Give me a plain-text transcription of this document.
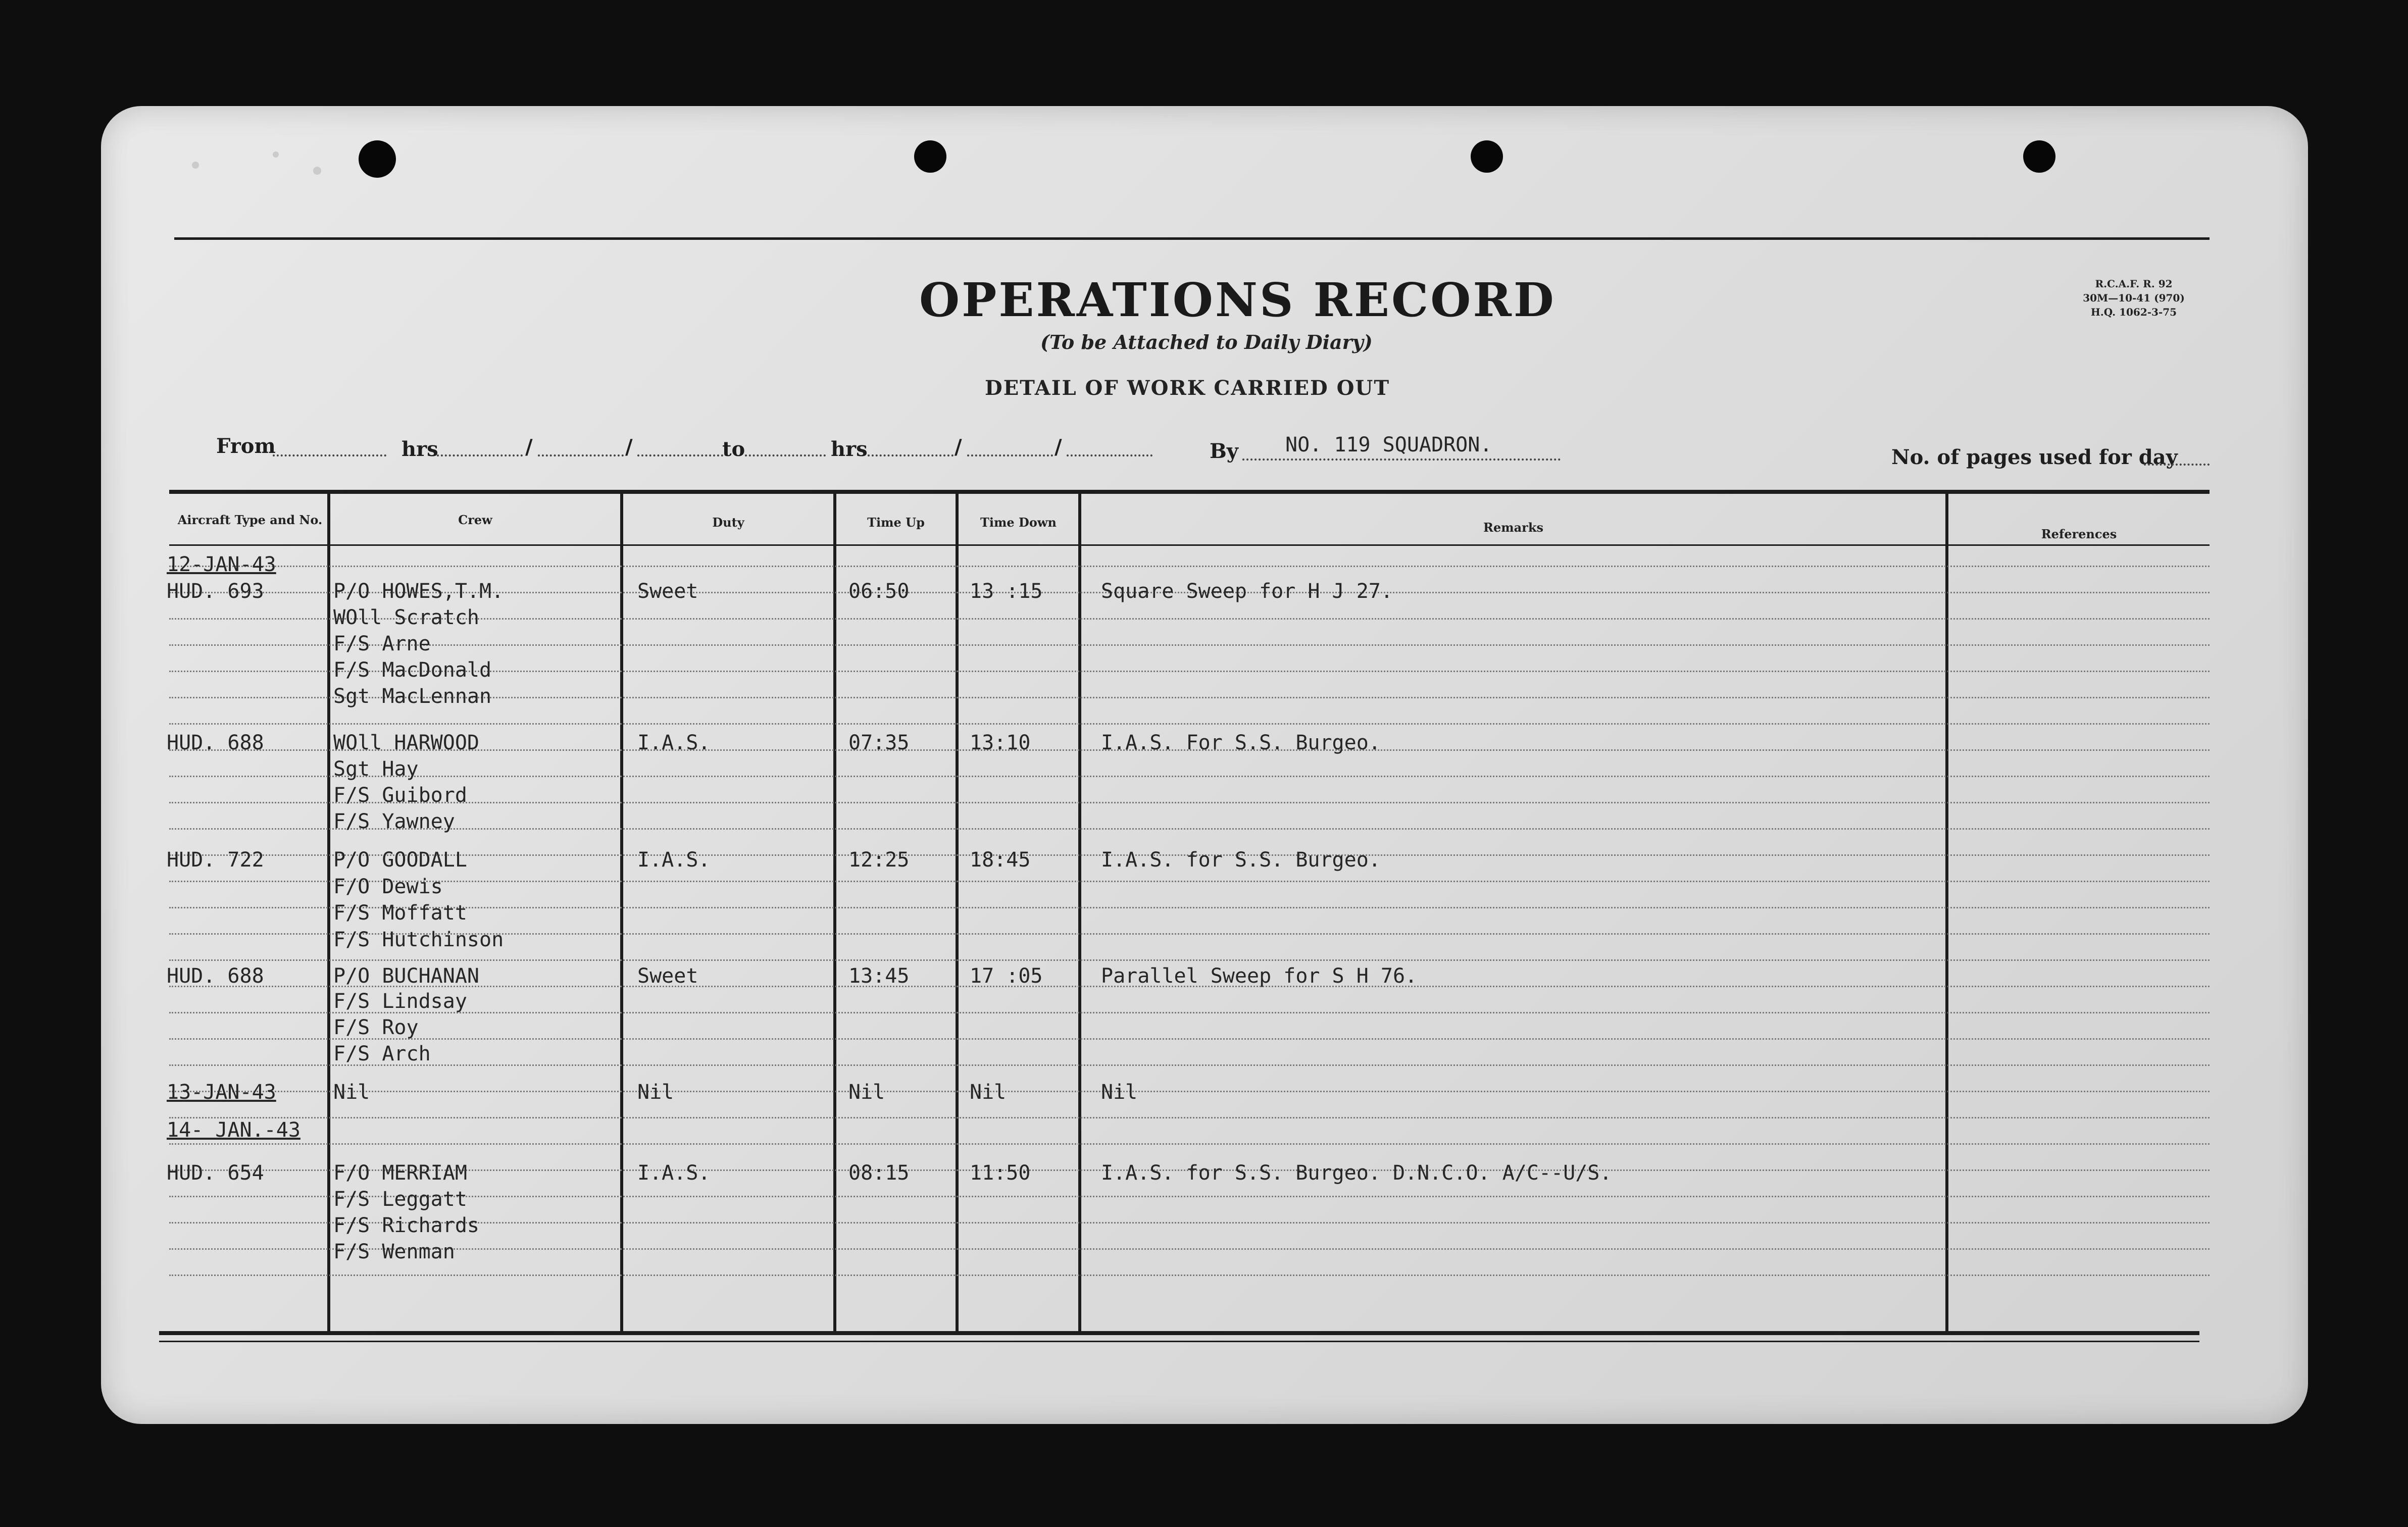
OPERATIONS RECORD
(To be Attached to Daily Diary)
DETAIL OF WORK CARRIED OUT
R.C.A.F. R. 92
30M—10-41 (970)
H.Q. 1062-3-75
From	hrs	/	/	to	hrs	/	/	By NO. 119 SQUADRON.
No. of pages used for day
Aircraft Type and No.	Crew	Duty	Time Up	Time Down	Remarks	References
12-JAN-43
HUD. 693	P/O HOWES,T.M.	Sweet	06:50	13 :15	Square Sweep for H J 27.
WOll Scratch
F/S Arne
F/S MacDonald
Sgt MacLennan
HUD. 688	WOll HARWOOD	I.A.S.	07:35	13:10	I.A.S. For S.S. Burgeo.
Sgt Hay
F/S Guibord
F/S Yawney
HUD. 722	P/O GOODALL	I.A.S.	12:25	18:45	I.A.S. for S.S. Burgeo.
F/O Dewis
F/S Moffatt
F/S Hutchinson
HUD. 688	P/O BUCHANAN	Sweet	13:45	17 :05	Parallel Sweep for S H 76.
F/S Lindsay
F/S Roy
F/S Arch
13-JAN-43	Nil	Nil	Nil	Nil	Nil
14- JAN.-43
HUD. 654	F/O MERRIAM	I.A.S.	08:15	11:50	I.A.S. for S.S. Burgeo. D.N.C.O. A/C--U/S.
F/S Leggatt
F/S Richards
F/S Wenman
